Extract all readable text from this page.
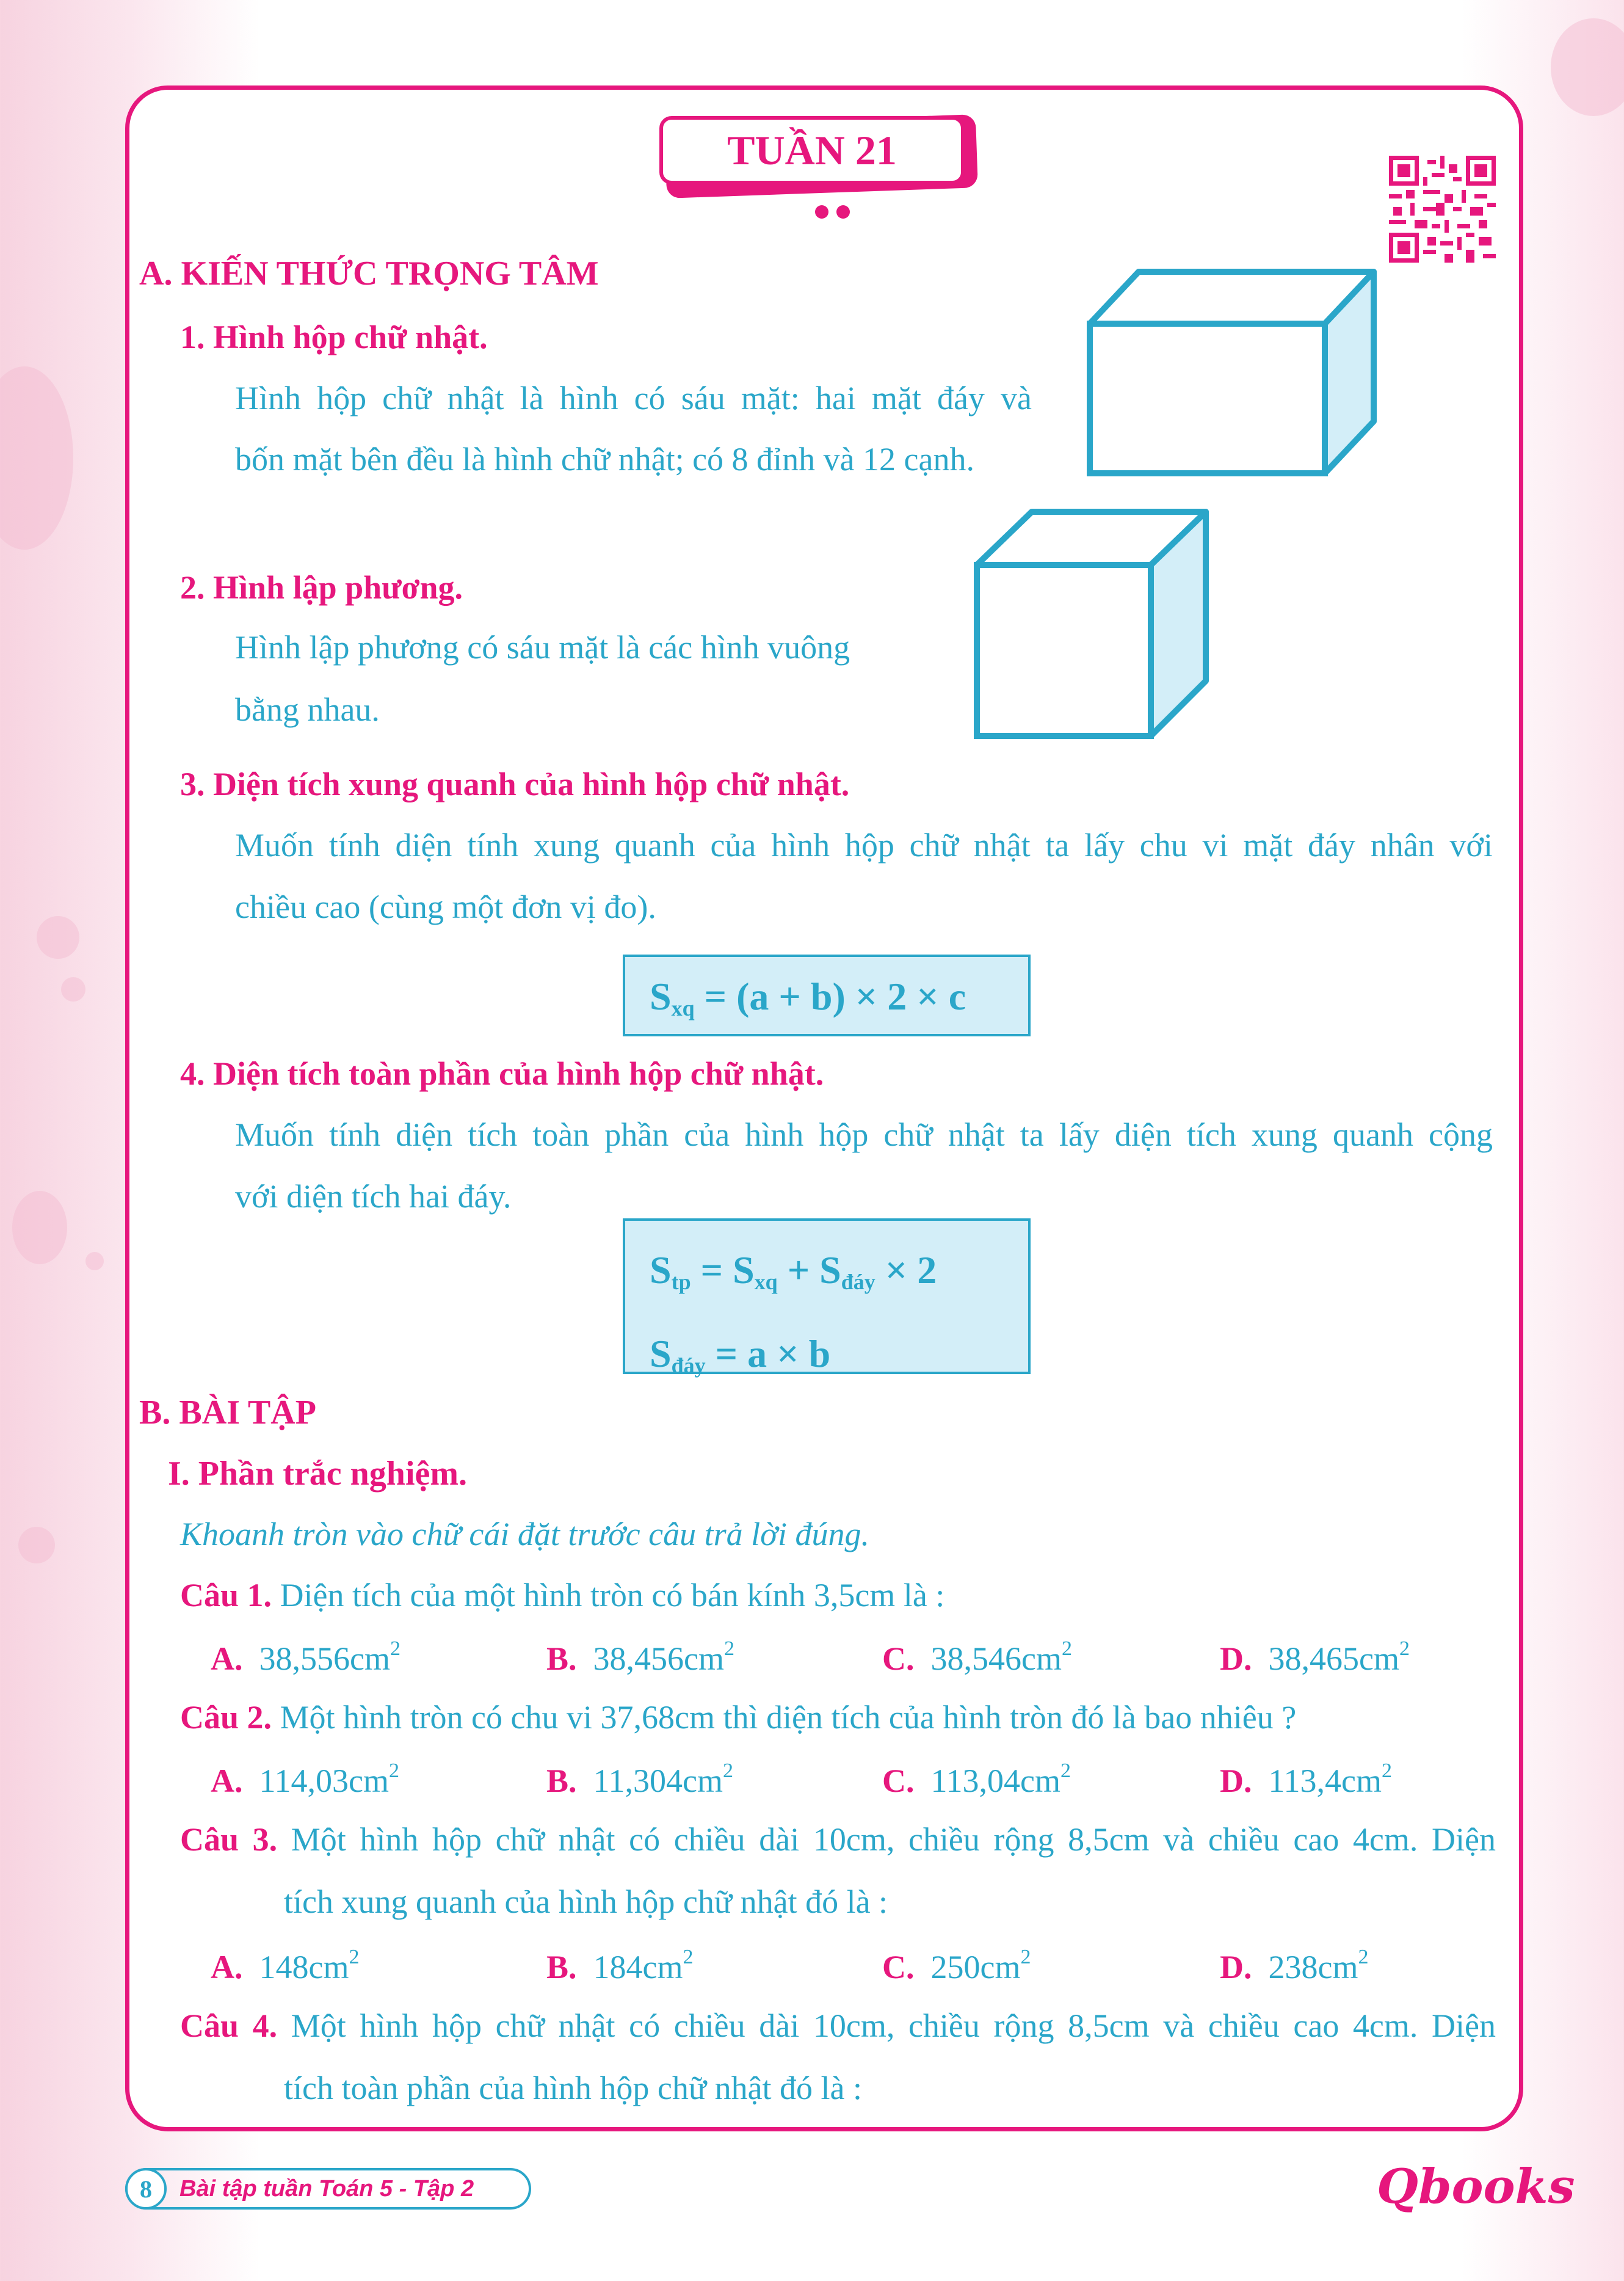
TUẦN 21
A. KIẾN THỨC TRỌNG TÂM
1. Hình hộp chữ nhật.
Hình hộp chữ nhật là hình có sáu mặt: hai mặt đáy và
bốn mặt bên đều là hình chữ nhật; có 8 đỉnh và 12 cạnh.
2. Hình lập phương.
Hình lập phương có sáu mặt là các hình vuông
bằng nhau.
3. Diện tích xung quanh của hình hộp chữ nhật.
Muốn tính diện tính xung quanh của hình hộp chữ nhật ta lấy chu vi mặt đáy nhân với
chiều cao (cùng một đơn vị đo).
$S_{xq} = (a + b) \times 2 \times c$
4. Diện tích toàn phần của hình hộp chữ nhật.
Muốn tính diện tích toàn phần của hình hộp chữ nhật ta lấy diện tích xung quanh cộng
với diện tích hai đáy.
$S_{tp} = S_{xq} + S_{đáy} \times 2$
$S_{đáy} = a \times b$
B. BÀI TẬP
I. Phần trắc nghiệm.
Khoanh tròn vào chữ cái đặt trước câu trả lời đúng.
Câu 1. Diện tích của một hình tròn có bán kính 3,5cm là :
A. $38,556cm^2$	B. $38,456cm^2$	C. $38,546cm^2$	D. $38,465cm^2$
Câu 2. Một hình tròn có chu vi 37,68cm thì diện tích của hình tròn đó là bao nhiêu ?
A. $114,03cm^2$	B. $11,304cm^2$	C. $113,04cm^2$	D. $113,4cm^2$
Câu 3. Một hình hộp chữ nhật có chiều dài 10cm, chiều rộng 8,5cm và chiều cao 4cm. Diện
tích xung quanh của hình hộp chữ nhật đó là :
A. $148cm^2$	B. $184cm^2$	C. $250cm^2$	D. $238cm^2$
Câu 4. Một hình hộp chữ nhật có chiều dài 10cm, chiều rộng 8,5cm và chiều cao 4cm. Diện
tích toàn phần của hình hộp chữ nhật đó là :
Bài tập tuần Toán 5 - Tập 2
8	Qbooks
